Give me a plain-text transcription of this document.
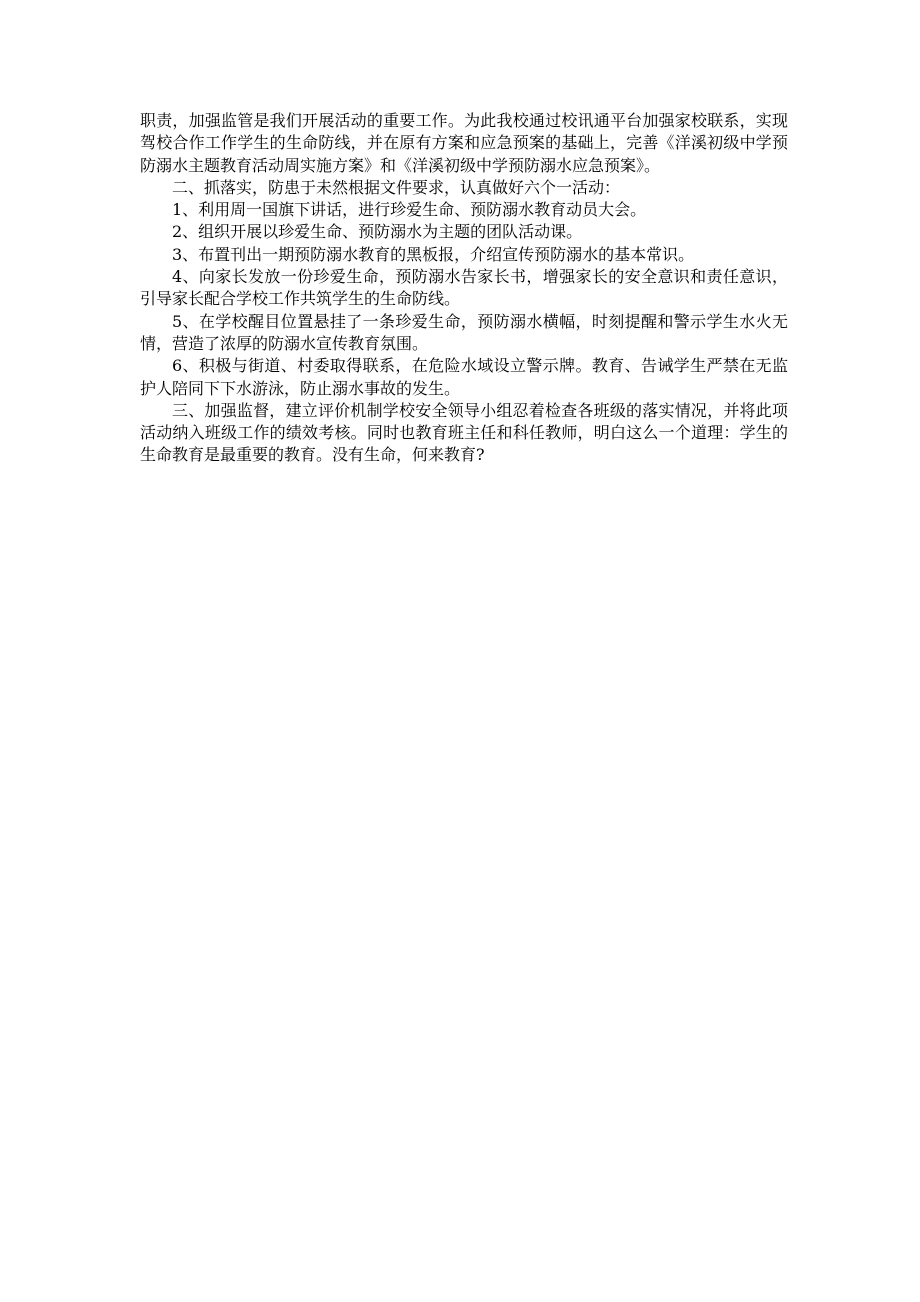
职责，加强监管是我们开展活动的重要工作。为此我校通过校讯通平台加强家校联系，实现驾校合作工作学生的生命防线，并在原有方案和应急预案的基础上，完善《洋溪初级中学预防溺水主题教育活动周实施方案》和《洋溪初级中学预防溺水应急预案》。

二、抓落实，防患于未然根据文件要求，认真做好六个一活动：

1、利用周一国旗下讲话，进行珍爱生命、预防溺水教育动员大会。

2、组织开展以珍爱生命、预防溺水为主题的团队活动课。

3、布置刊出一期预防溺水教育的黑板报，介绍宣传预防溺水的基本常识。

4、向家长发放一份珍爱生命，预防溺水告家长书，增强家长的安全意识和责任意识，引导家长配合学校工作共筑学生的生命防线。

5、在学校醒目位置悬挂了一条珍爱生命，预防溺水横幅，时刻提醒和警示学生水火无情，营造了浓厚的防溺水宣传教育氛围。

6、积极与街道、村委取得联系，在危险水域设立警示牌。教育、告诫学生严禁在无监护人陪同下下水游泳，防止溺水事故的发生。

三、加强监督，建立评价机制学校安全领导小组忍着检查各班级的落实情况，并将此项活动纳入班级工作的绩效考核。同时也教育班主任和科任教师，明白这么一个道理：学生的生命教育是最重要的教育。没有生命，何来教育?
